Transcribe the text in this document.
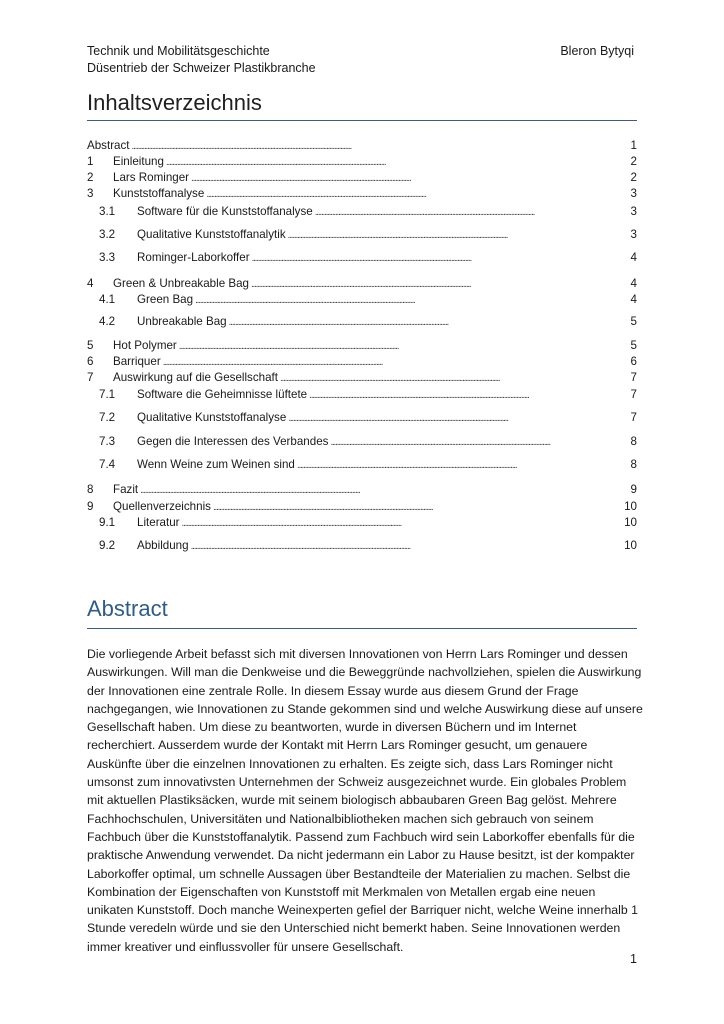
Technik und Mobilitätsgeschichte
Düsentrieb der Schweizer Plastikbranche
Bleron Bytyqi
Inhaltsverzeichnis
Abstract . . .	1
1	Einleitung . . .	2
2	Lars Rominger . . .	2
3	Kunststoffanalyse . . .	3
3.1	Software für die Kunststoffanalyse . . .	3
3.2	Qualitative Kunststoffanalytik . . .	3
3.3	Rominger-Laborkoffer . . .	4
4	Green & Unbreakable Bag . . .	4
4.1	Green Bag . . .	4
4.2	Unbreakable Bag . . .	5
5	Hot Polymer . . .	5
6	Barriquer . . .	6
7	Auswirkung auf die Gesellschaft . . .	7
7.1	Software die Geheimnisse lüftete . . .	7
7.2	Qualitative Kunststoffanalyse . . .	7
7.3	Gegen die Interessen des Verbandes . . .	8
7.4	Wenn Weine zum Weinen sind . . .	8
8	Fazit . . .	9
9	Quellenverzeichnis . . .	10
9.1	Literatur . . .	10
9.2	Abbildung . . .	10
Abstract
Die vorliegende Arbeit befasst sich mit diversen Innovationen von Herrn Lars Rominger und dessen Auswirkungen. Will man die Denkweise und die Beweggründe nachvollziehen, spielen die Auswirkung der Innovationen eine zentrale Rolle. In diesem Essay wurde aus diesem Grund der Frage nachgegangen, wie Innovationen zu Stande gekommen sind und welche Auswirkung diese auf unsere Gesellschaft haben. Um diese zu beantworten, wurde in diversen Büchern und im Internet recherchiert. Ausserdem wurde der Kontakt mit Herrn Lars Rominger gesucht, um genauere Auskünfte über die einzelnen Innovationen zu erhalten. Es zeigte sich, dass Lars Rominger nicht umsonst zum innovativsten Unternehmen der Schweiz ausgezeichnet wurde. Ein globales Problem mit aktuellen Plastiksäcken, wurde mit seinem biologisch abbaubaren Green Bag gelöst. Mehrere Fachhochschulen, Universitäten und Nationalbibliotheken machen sich gebrauch von seinem Fachbuch über die Kunststoffanalytik. Passend zum Fachbuch wird sein Laborkoffer ebenfalls für die praktische Anwendung verwendet. Da nicht jedermann ein Labor zu Hause besitzt, ist der kompakter Laborkoffer optimal, um schnelle Aussagen über Bestandteile der Materialien zu machen. Selbst die Kombination der Eigenschaften von Kunststoff mit Merkmalen von Metallen ergab eine neuen unikaten Kunststoff. Doch manche Weinexperten gefiel der Barriquer nicht, welche Weine innerhalb 1 Stunde veredeln würde und sie den Unterschied nicht bemerkt haben. Seine Innovationen werden immer kreativer und einflussvoller für unsere Gesellschaft.
1
